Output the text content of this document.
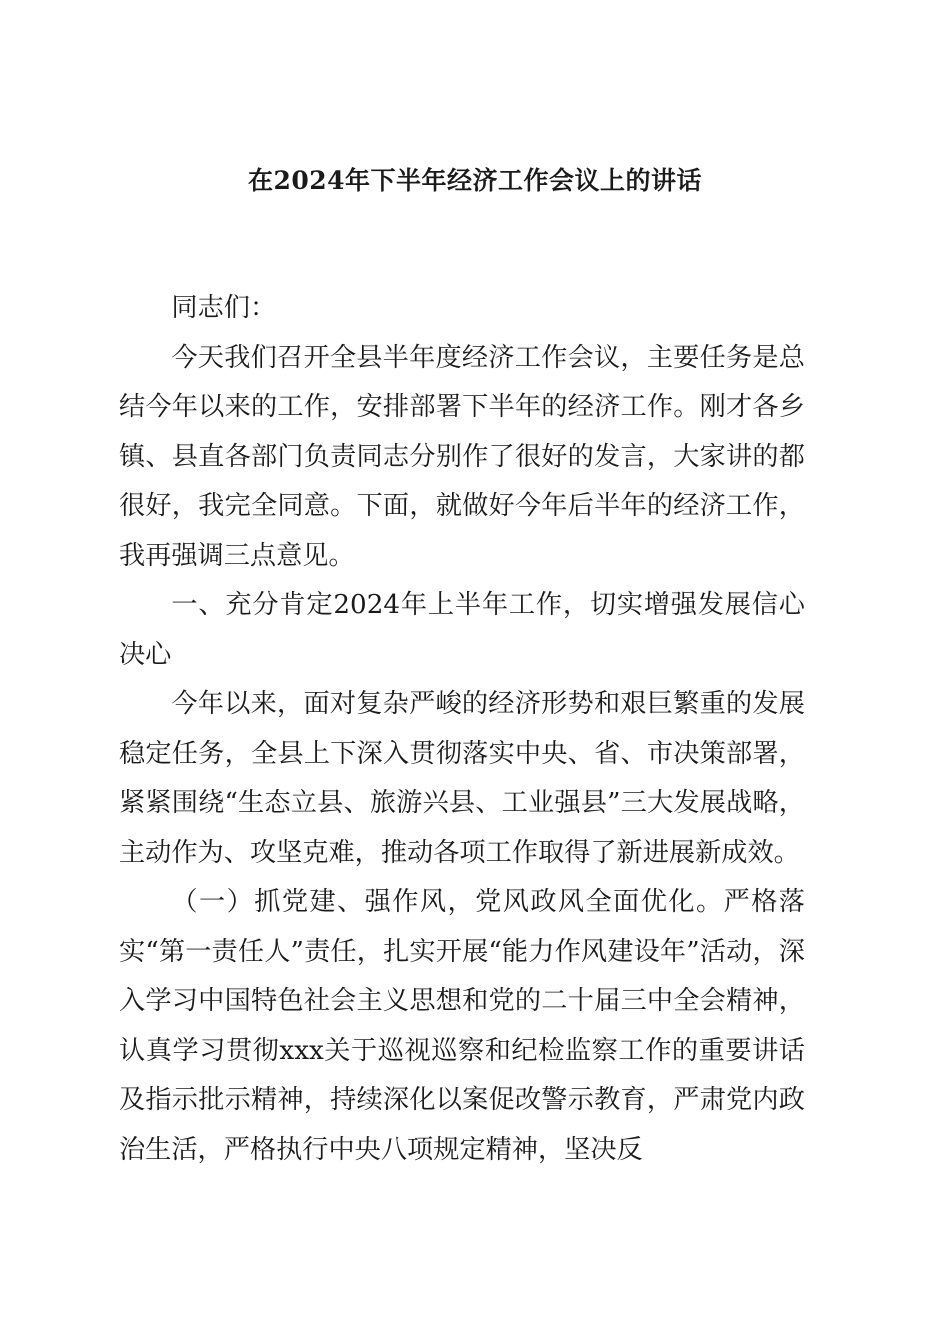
在2024年下半年经济工作会议上的讲话

同志们：

今天我们召开全县半年度经济工作会议，主要任务是总结今年以来的工作，安排部署下半年的经济工作。刚才各乡镇、县直各部门负责同志分别作了很好的发言，大家讲的都很好，我完全同意。下面，就做好今年后半年的经济工作，我再强调三点意见。

一、充分肯定2024年上半年工作，切实增强发展信心决心

今年以来，面对复杂严峻的经济形势和艰巨繁重的发展稳定任务，全县上下深入贯彻落实中央、省、市决策部署，紧紧围绕“生态立县、旅游兴县、工业强县”三大发展战略，主动作为、攻坚克难，推动各项工作取得了新进展新成效。

（一）抓党建、强作风，党风政风全面优化。严格落实“第一责任人”责任，扎实开展“能力作风建设年”活动，深入学习中国特色社会主义思想和党的二十届三中全会精神，认真学习贯彻xxx关于巡视巡察和纪检监察工作的重要讲话及指示批示精神，持续深化以案促改警示教育，严肃党内政治生活，严格执行中央八项规定精神，坚决反
